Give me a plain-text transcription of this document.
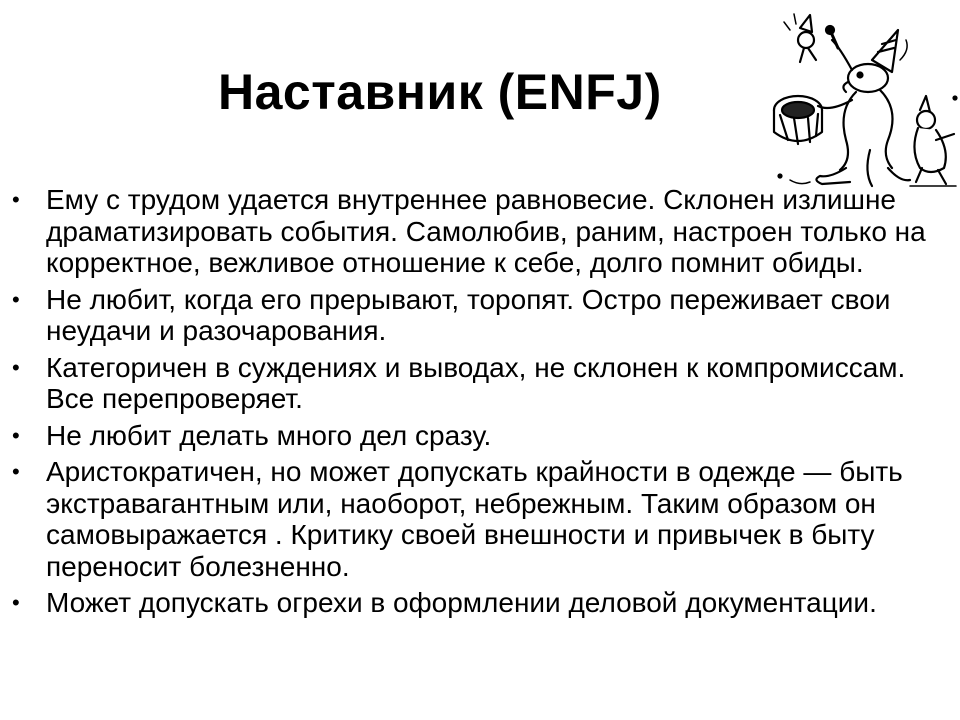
Наставник (ENFJ)
• Ему с трудом удается внутреннее равновесие. Склонен излишне драматизировать события. Самолюбив, раним, настроен только на корректное, вежливое отношение к себе, долго помнит обиды.
• Не любит, когда его прерывают, торопят. Остро переживает свои неудачи и разочарования.
• Категоричен в суждениях и выводах, не склонен к компромиссам. Все перепроверяет.
• Не любит делать много дел сразу.
• Аристократичен, но может допускать крайности в одежде — быть экстравагантным или, наоборот, небрежным. Таким образом он самовыражается . Критику своей внешности и привычек в быту переносит болезненно.
• Может допускать огрехи в оформлении деловой документации.
